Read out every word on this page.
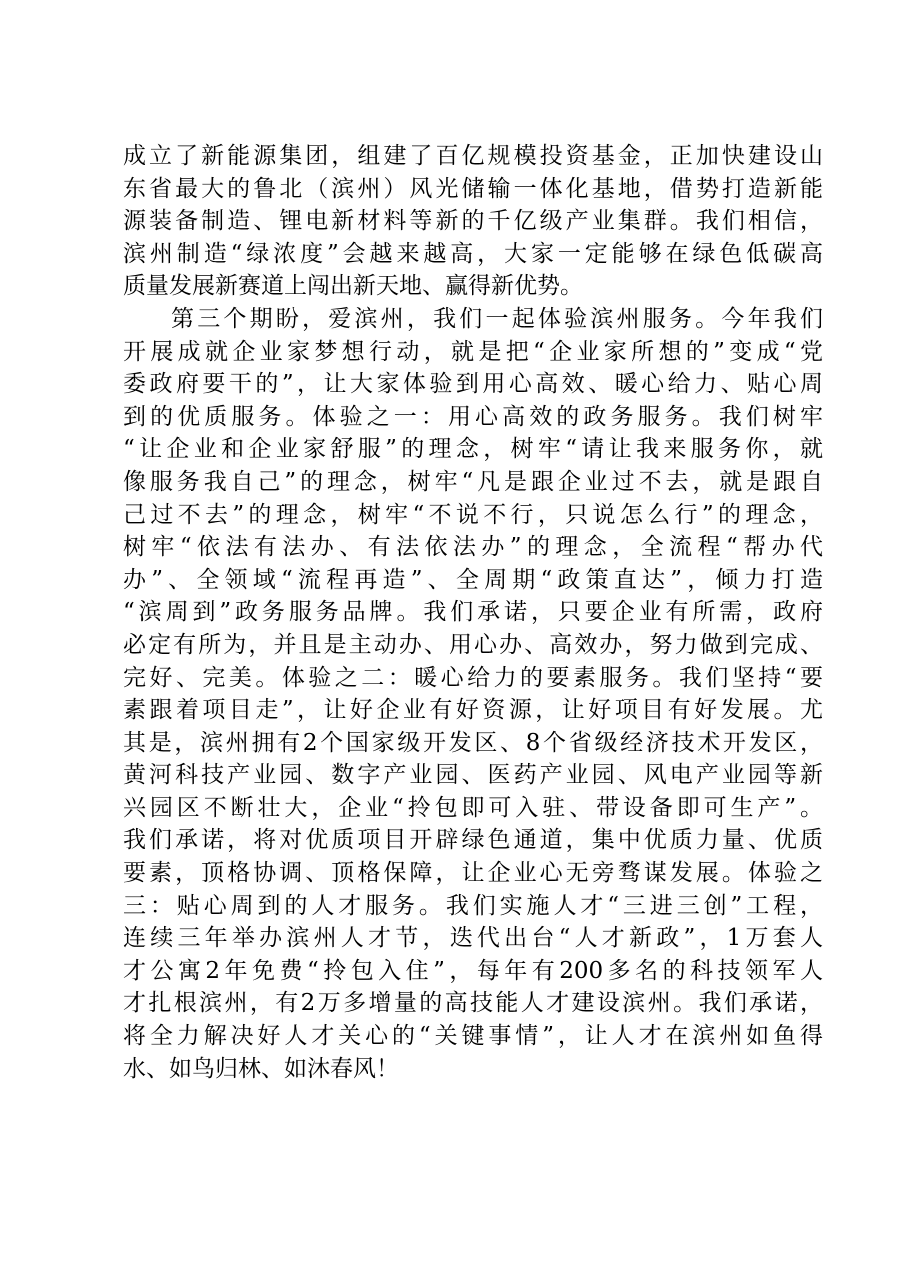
成立了新能源集团，组建了百亿规模投资基金，正加快建设山
东省最大的鲁北（滨州）风光储输一体化基地，借势打造新能
源装备制造、锂电新材料等新的千亿级产业集群。我们相信，
滨州制造“绿浓度”会越来越高，大家一定能够在绿色低碳高
质量发展新赛道上闯出新天地、赢得新优势。
第三个期盼，爱滨州，我们一起体验滨州服务。今年我们
开展成就企业家梦想行动，就是把“企业家所想的”变成“党
委政府要干的”，让大家体验到用心高效、暖心给力、贴心周
到的优质服务。体验之一：用心高效的政务服务。我们树牢
“让企业和企业家舒服”的理念，树牢“请让我来服务你，就
像服务我自己”的理念，树牢“凡是跟企业过不去，就是跟自
己过不去”的理念，树牢“不说不行，只说怎么行”的理念，
树牢“依法有法办、有法依法办”的理念，全流程“帮办代
办”、全领域“流程再造”、全周期“政策直达”，倾力打造
“滨周到”政务服务品牌。我们承诺，只要企业有所需，政府
必定有所为，并且是主动办、用心办、高效办，努力做到完成、
完好、完美。体验之二：暖心给力的要素服务。我们坚持“要
素跟着项目走”，让好企业有好资源，让好项目有好发展。尤
其是，滨州拥有2个国家级开发区、8个省级经济技术开发区，
黄河科技产业园、数字产业园、医药产业园、风电产业园等新
兴园区不断壮大，企业“拎包即可入驻、带设备即可生产”。
我们承诺，将对优质项目开辟绿色通道，集中优质力量、优质
要素，顶格协调、顶格保障，让企业心无旁骛谋发展。体验之
三：贴心周到的人才服务。我们实施人才“三进三创”工程，
连续三年举办滨州人才节，迭代出台“人才新政”，1万套人
才公寓2年免费“拎包入住”，每年有200多名的科技领军人
才扎根滨州，有2万多增量的高技能人才建设滨州。我们承诺，
将全力解决好人才关心的“关键事情”，让人才在滨州如鱼得
水、如鸟归林、如沐春风！
